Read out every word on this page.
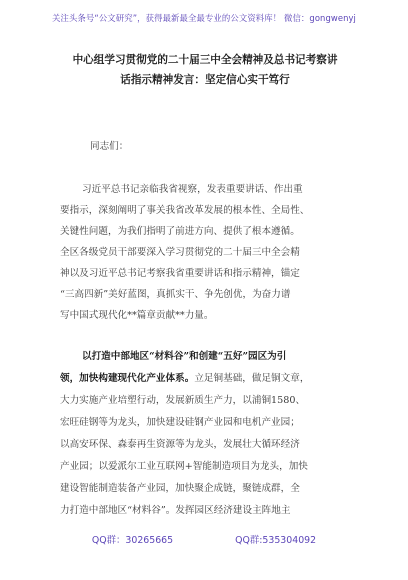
关注头条号“公文研究”，获得最新最全最专业的公文资料库！ 微信：gongwenyj
中心组学习贯彻党的二十届三中全会精神及总书记考察讲
话指示精神发言：坚定信心实干笃行
同志们：
习近平总书记亲临我省视察，发表重要讲话、作出重
要指示，深刻阐明了事关我省改革发展的根本性、全局性、
关键性问题，为我们指明了前进方向、提供了根本遵循。
全区各级党员干部要深入学习贯彻党的二十届三中全会精
神以及习近平总书记考察我省重要讲话和指示精神，锚定
“三高四新”美好蓝图，真抓实干、争先创优，为奋力谱
写中国式现代化**篇章贡献**力量。
以打造中部地区“材料谷”和创建“五好”园区为引
领，加快构建现代化产业体系。立足铜基础，做足铜文章，
大力实施产业培塑行动，发展新质生产力，以浦铜1580、
宏旺硅钢等为龙头，加快建设硅钢产业园和电机产业园；
以高安环保、森泰再生资源等为龙头，发展壮大循环经济
产业园；以爱派尔工业互联网+智能制造项目为龙头，加快
建设智能制造装备产业园，加快聚企成链，聚链成群，全
力打造中部地区“材料谷”。发挥园区经济建设主阵地主
QQ群：30265665	QQ群:535304092
